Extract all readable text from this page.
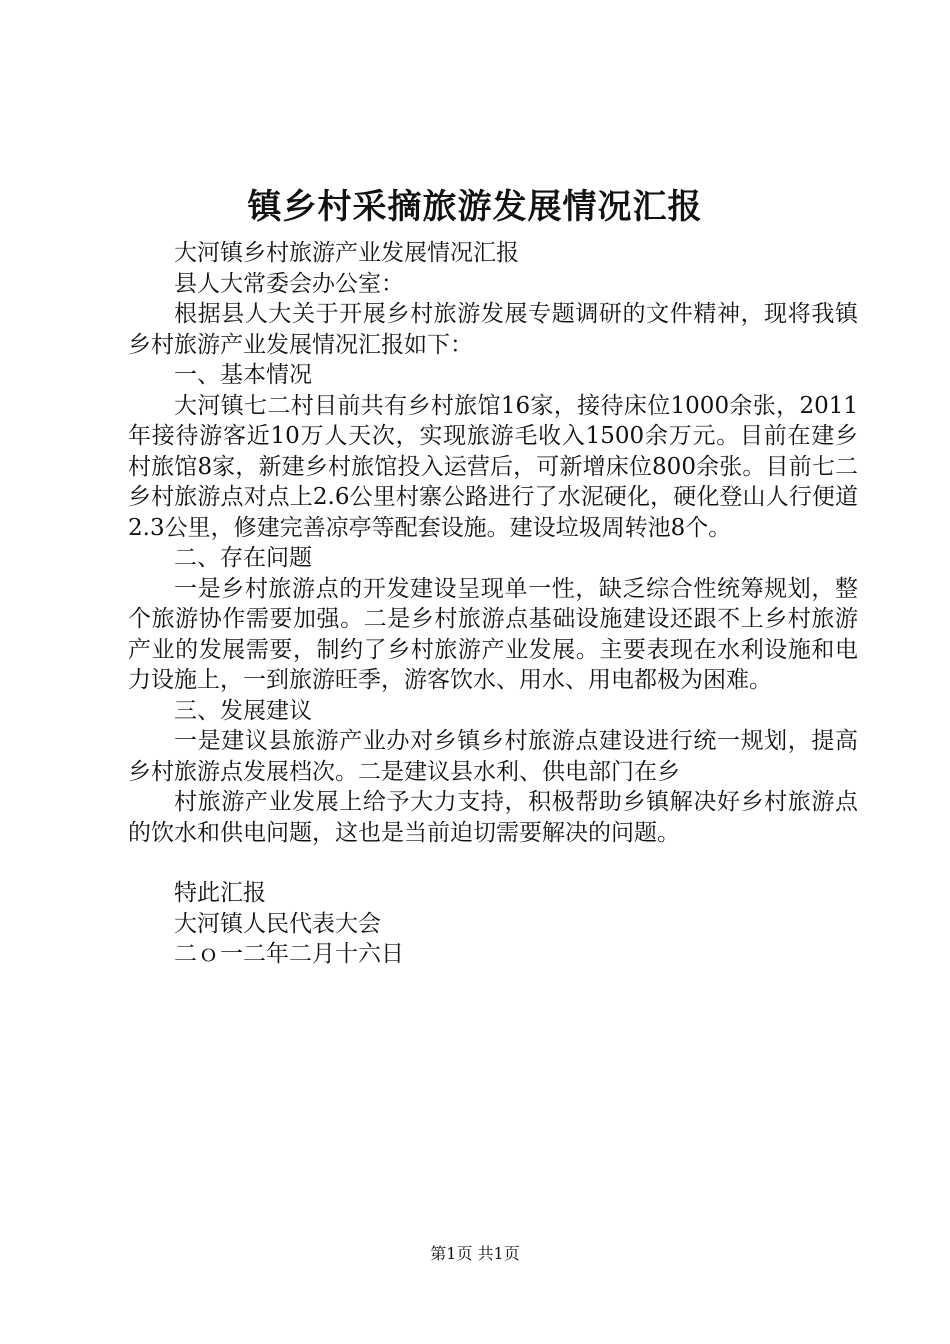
镇乡村采摘旅游发展情况汇报

大河镇乡村旅游产业发展情况汇报

县人大常委会办公室：

根据县人大关于开展乡村旅游发展专题调研的文件精神，现将我镇乡村旅游产业发展情况汇报如下：

一、基本情况

大河镇七二村目前共有乡村旅馆16家，接待床位1000余张，2011年接待游客近10万人天次，实现旅游毛收入1500余万元。目前在建乡村旅馆8家，新建乡村旅馆投入运营后，可新增床位800余张。目前七二乡村旅游点对点上2.6公里村寨公路进行了水泥硬化，硬化登山人行便道2.3公里，修建完善凉亭等配套设施。建设垃圾周转池8个。

二、存在问题

一是乡村旅游点的开发建设呈现单一性，缺乏综合性统筹规划，整个旅游协作需要加强。二是乡村旅游点基础设施建设还跟不上乡村旅游产业的发展需要，制约了乡村旅游产业发展。主要表现在水利设施和电力设施上，一到旅游旺季，游客饮水、用水、用电都极为困难。

三、发展建议

一是建议县旅游产业办对乡镇乡村旅游点建设进行统一规划，提高乡村旅游点发展档次。二是建议县水利、供电部门在乡

村旅游产业发展上给予大力支持，积极帮助乡镇解决好乡村旅游点的饮水和供电问题，这也是当前迫切需要解决的问题。

特此汇报

大河镇人民代表大会

二ｏ一二年二月十六日

第1页 共1页
